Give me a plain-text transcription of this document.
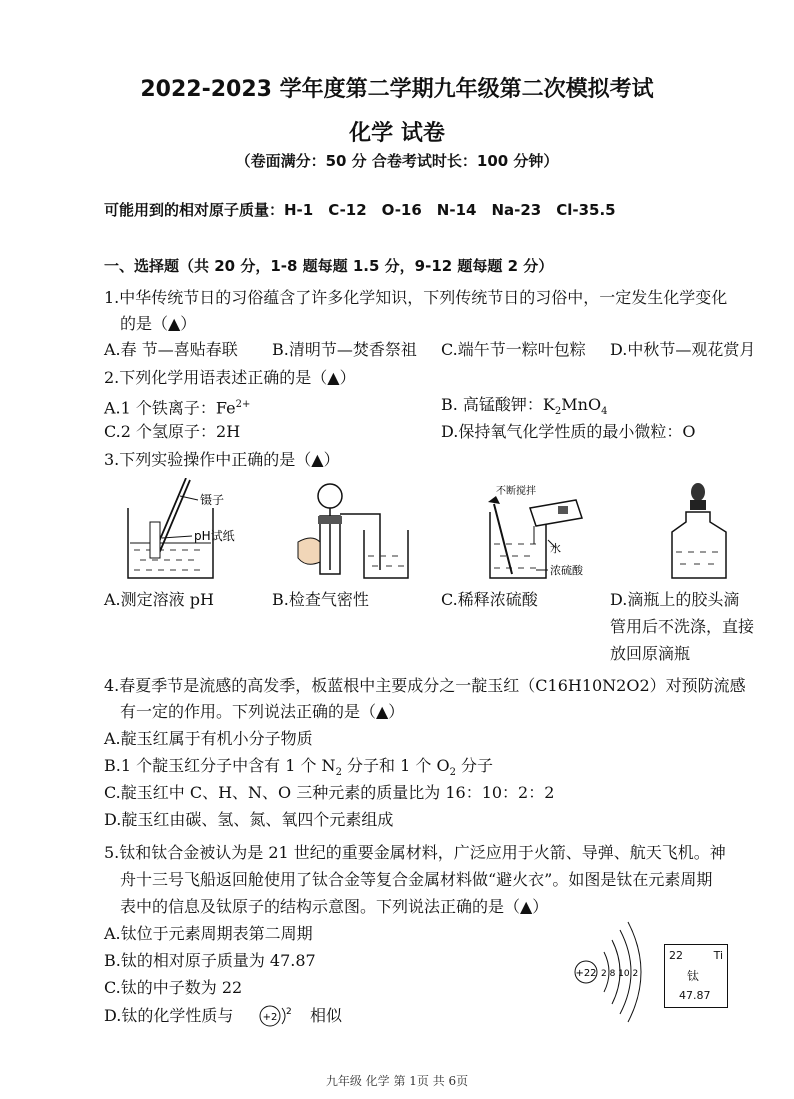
2022-2023 学年度第二学期九年级第二次模拟考试
化学 试卷
（卷面满分：50 分 合卷考试时长：100 分钟）
可能用到的相对原子质量：H-1　C-12　O-16　N-14　Na-23　Cl-35.5
一、选择题（共 20 分，1-8 题每题 1.5 分，9-12 题每题 2 分）
1.中华传统节日的习俗蕴含了许多化学知识，下列传统节日的习俗中，一定发生化学变化
的是（▲）
A.春 节—喜贴春联 B.清明节—焚香祭祖 C.端午节一粽叶包粽 D.中秋节—观花赏月
2.下列化学用语表述正确的是（▲）
A.1 个铁离子：$Fe^{2+}$	B. 高锰酸钾：$K_2MnO_4$
C.2 个氢原子：2H	D.保持氧气化学性质的最小微粒：O
3.下列实验操作中正确的是（▲）
镊子
pH试纸
不断搅拌
水
浓硫酸
A.测定溶液 pH	B.检查气密性	C.稀释浓硫酸	D.滴瓶上的胶头滴
管用后不洗涤，直接
放回原滴瓶
4.春夏季节是流感的高发季，板蓝根中主要成分之一靛玉红（C16H10N2O2）对预防流感
有一定的作用。下列说法正确的是（▲）
A.靛玉红属于有机小分子物质
B.1 个靛玉红分子中含有 1 个 $N_2$ 分子和 1 个 $O_2$ 分子
C.靛玉红中 C、H、N、O 三种元素的质量比为 16：10：2：2
D.靛玉红由碳、氢、氮、氧四个元素组成
5.钛和钛合金被认为是 21 世纪的重要金属材料，广泛应用于火箭、导弹、航天飞机。神
舟十三号飞船返回舱使用了钛合金等复合金属材料做“避火衣”。如图是钛在元素周期
表中的信息及钛原子的结构示意图。下列说法正确的是（▲）
A.钛位于元素周期表第二周期
B.钛的相对原子质量为 47.87
C.钛的中子数为 22
D.钛的化学性质与	+2 2 相似
+22 2 8 10 2
22	Ti
钛
47.87
九年级 化学 第 1页 共 6页
